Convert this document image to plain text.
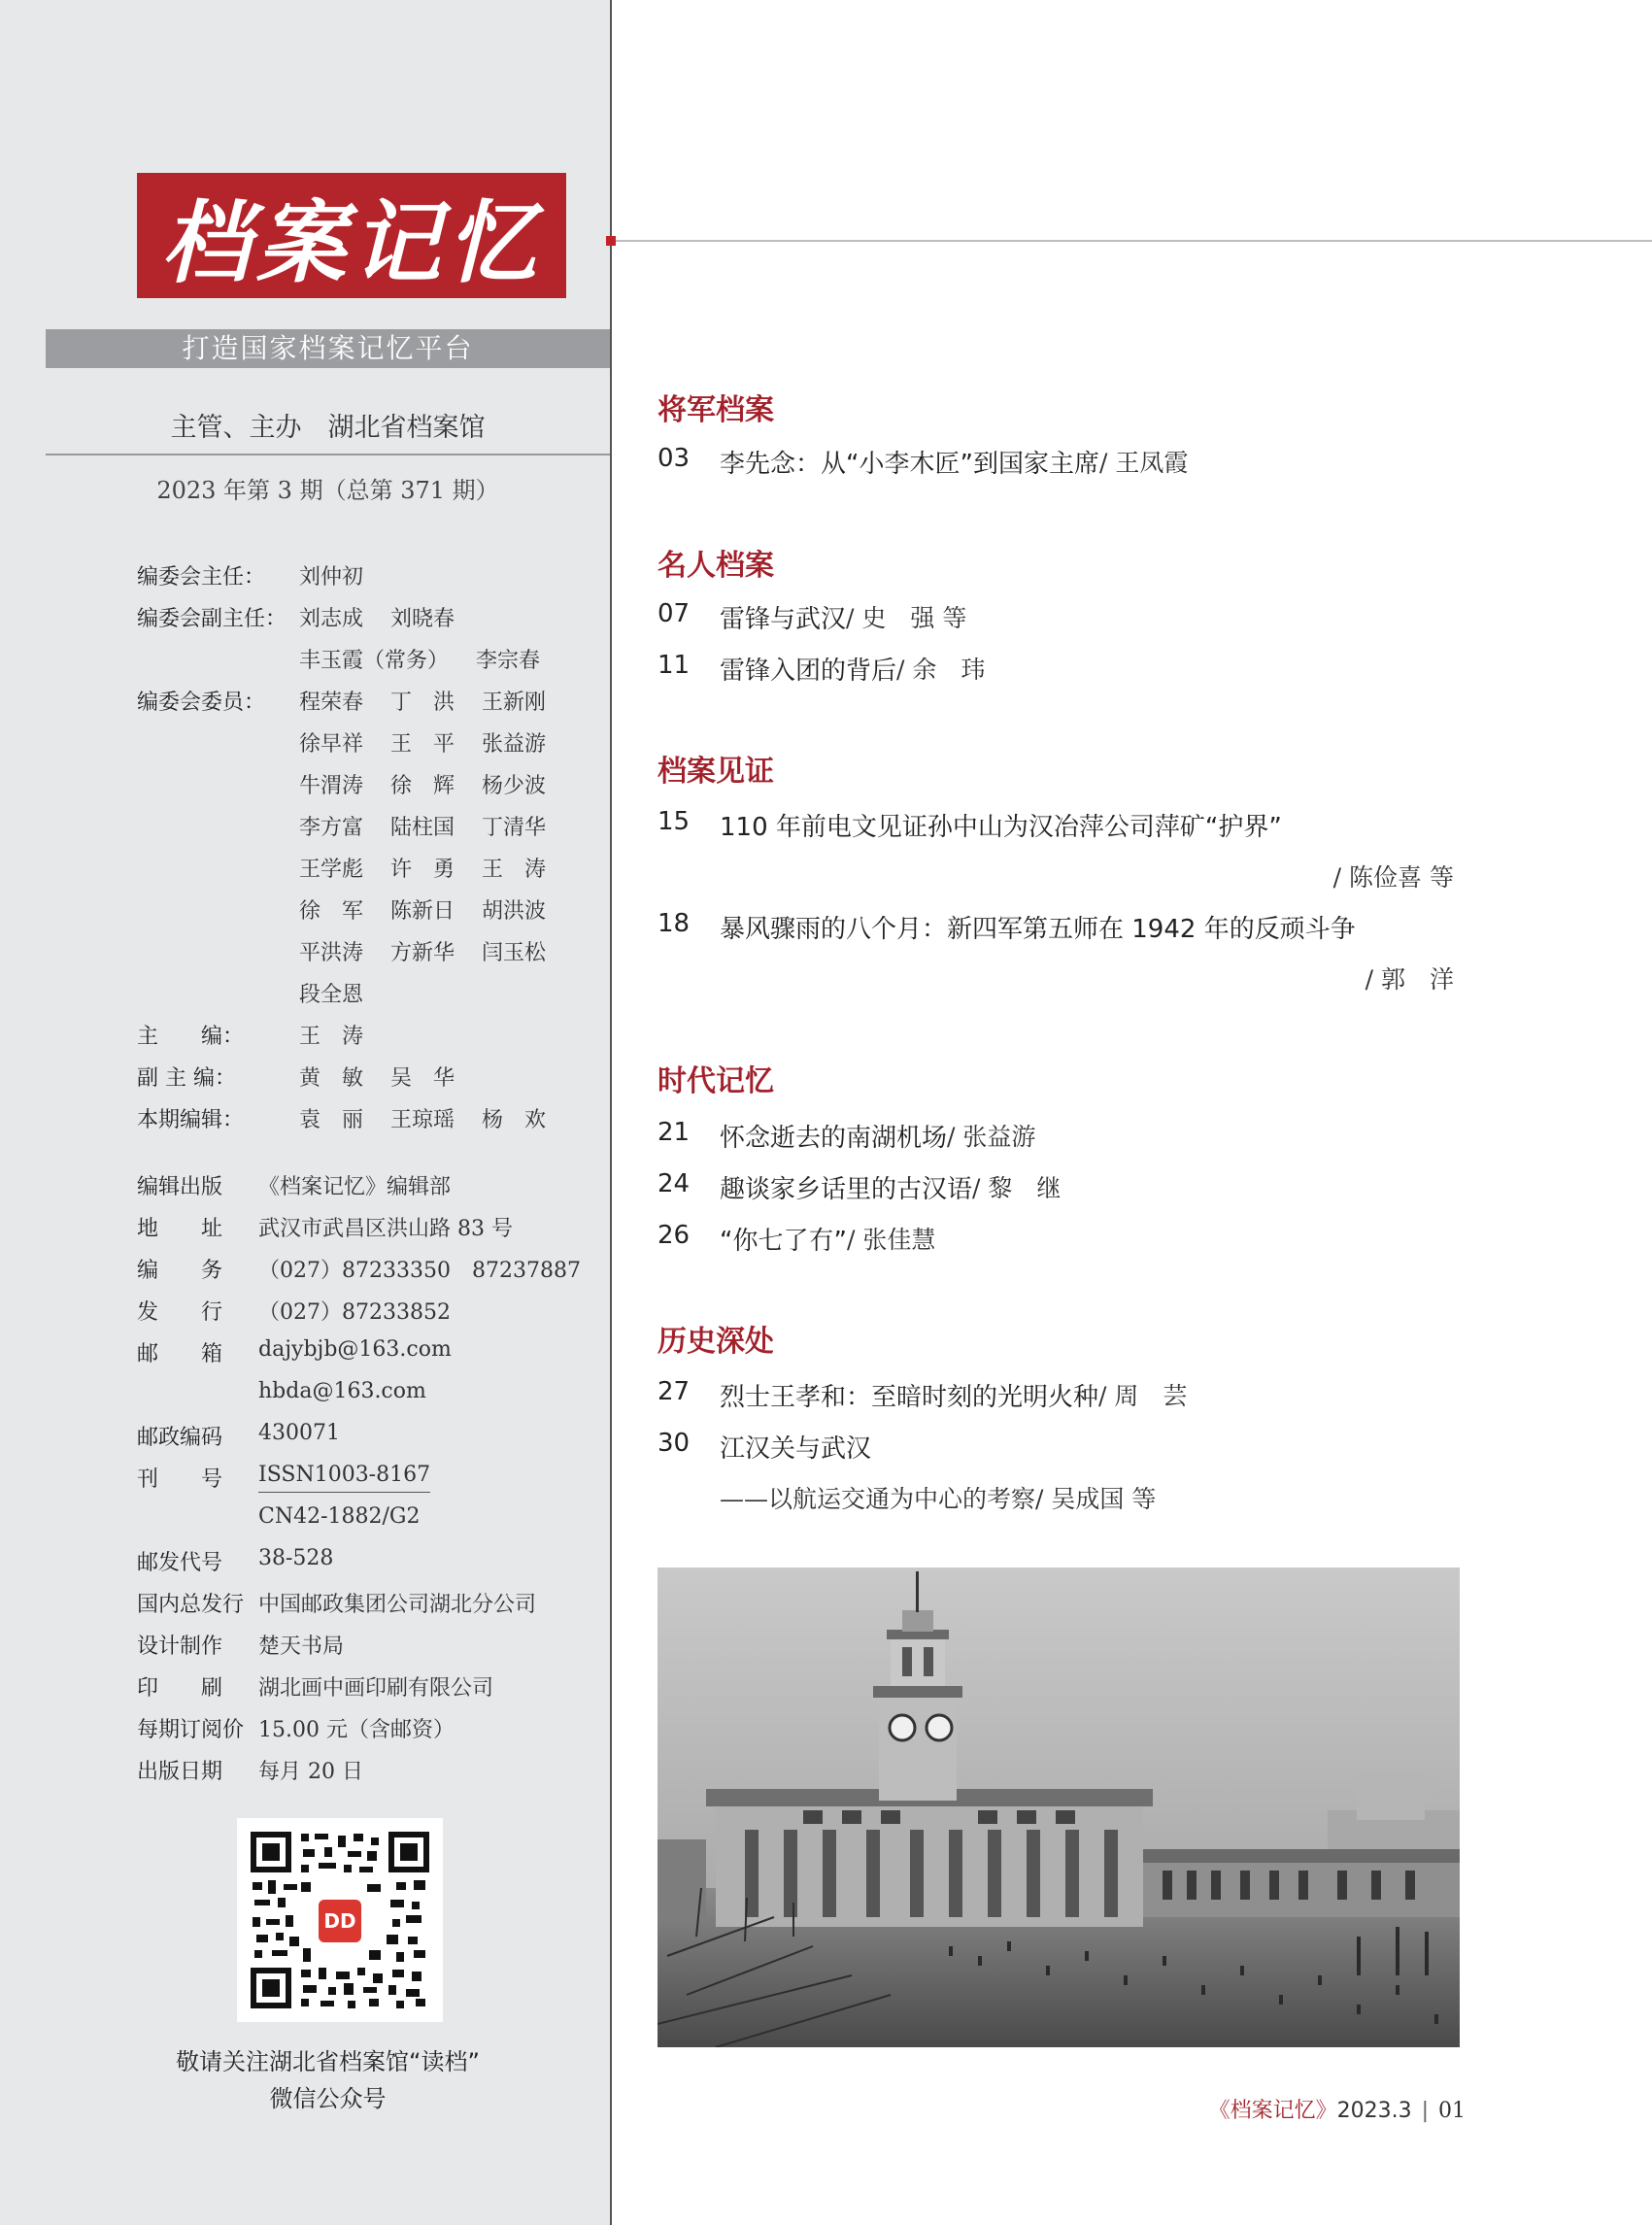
档案记忆
打造国家档案记忆平台
主管、主办　湖北省档案馆
2023 年第 3 期（总第 371 期）
编委会主任：	刘仲初
编委会副主任： 刘志成 刘晓春
丰玉霞（常务） 李宗春
编委会委员：	程荣春 丁　洪 王新刚
徐早祥 王　平 张益游
牛渭涛 徐　辉 杨少波
李方富 陆柱国 丁清华
王学彪 许　勇 王　涛
徐　军 陈新日 胡洪波
平洪涛 方新华 闫玉松
段全恩
主　　编：	王　涛
副 主 编：	黄　敏 吴　华
本期编辑：	袁　丽 王琼瑶 杨　欢
编辑出版	《档案记忆》编辑部
地　　址	武汉市武昌区洪山路 83 号
编　　务	（027）87233350　87237887
发　　行	（027）87233852
邮　　箱	dajybjb@163.com
hbda@163.com
邮政编码	430071
刊　　号	ISSN1003-8167
CN42-1882/G2
邮发代号	38-528
国内总发行 中国邮政集团公司湖北分公司
设计制作	楚天书局
印　　刷	湖北画中画印刷有限公司
每期订阅价 15.00 元（含邮资）
出版日期	每月 20 日
DD
敬请关注湖北省档案馆“读档”
微信公众号
将军档案
03	李先念：从“小李木匠”到国家主席 / 王凤霞
名人档案
07	雷锋与武汉 / 史　强 等
11	雷锋入团的背后 / 余　玮
档案见证
15	110 年前电文见证孙中山为汉冶萍公司萍矿“护界”
/ 陈俭喜 等
18	暴风骤雨的八个月：新四军第五师在 1942 年的反顽斗争
/ 郭　洋
时代记忆
21	怀念逝去的南湖机场 / 张益游
24	趣谈家乡话里的古汉语 / 黎　继
26	“你七了冇” / 张佳慧
历史深处
27	烈士王孝和：至暗时刻的光明火种 / 周　芸
30	江汉关与武汉
——以航运交通为中心的考察 / 吴成国 等
《档案记忆》2023.3 | 01
